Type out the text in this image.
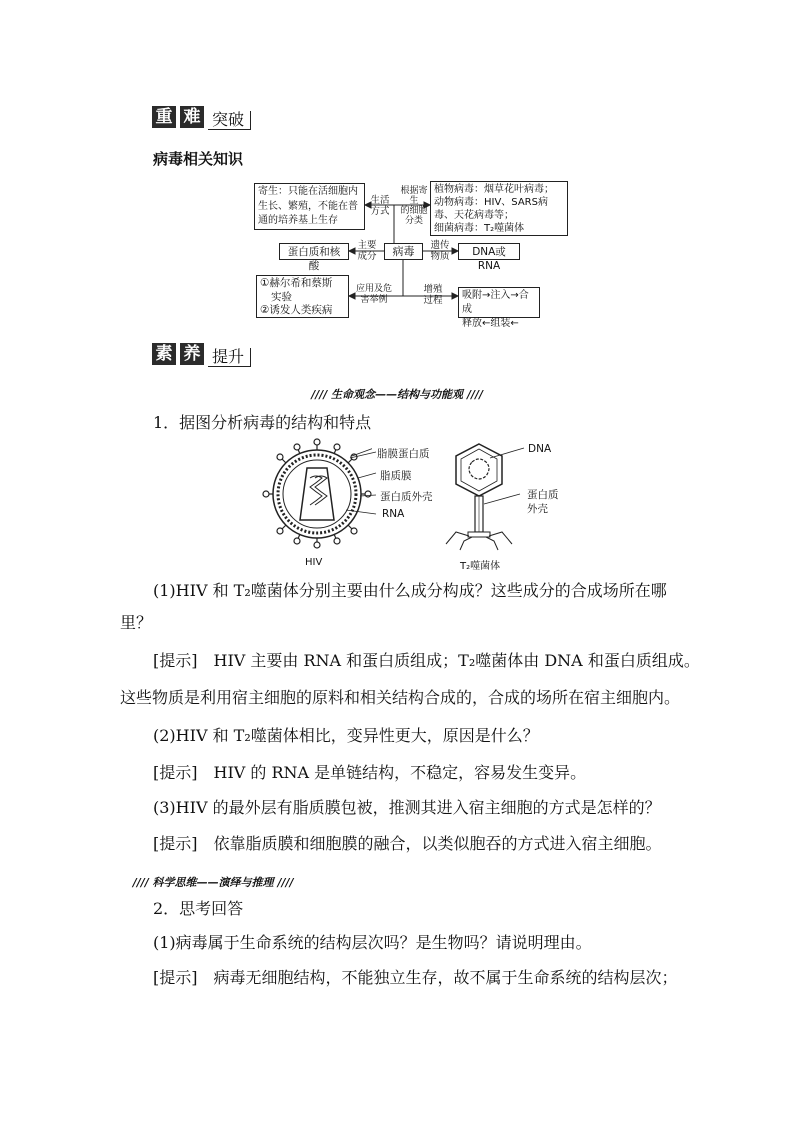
重 难 突破
病毒相关知识
寄生：只能在活细胞内生长、繁殖，不能在普通的培养基上生存
生活
方式
根据寄生
的细胞
分类
植物病毒：烟草花叶病毒；
动物病毒：HIV、SARS病
毒、天花病毒等；
细菌病毒：T₂噬菌体
蛋白质和核酸
主要
成分	病毒	遗传
物质	DNA或RNA
①赫尔希和蔡斯
实验
②诱发人类疾病
应用及危
害举例
增殖
过程	吸附→注入→合成
释放←组装←
素 养 提升
//// 生命观念——结构与功能观 ////
1．据图分析病毒的结构和特点
脂膜蛋白质
脂质膜
蛋白质外壳
RNA
HIV
DNA
蛋白质
外壳
T₂噬菌体
(1)HIV 和 T₂噬菌体分别主要由什么成分构成？这些成分的合成场所在哪
里？
[提示]　HIV 主要由 RNA 和蛋白质组成；T₂噬菌体由 DNA 和蛋白质组成。
这些物质是利用宿主细胞的原料和相关结构合成的，合成的场所在宿主细胞内。
(2)HIV 和 T₂噬菌体相比，变异性更大，原因是什么？
[提示]　HIV 的 RNA 是单链结构，不稳定，容易发生变异。
(3)HIV 的最外层有脂质膜包被，推测其进入宿主细胞的方式是怎样的？
[提示]　依靠脂质膜和细胞膜的融合，以类似胞吞的方式进入宿主细胞。
//// 科学思维——演绎与推理 ////
2．思考回答
(1)病毒属于生命系统的结构层次吗？是生物吗？请说明理由。
[提示]　病毒无细胞结构，不能独立生存，故不属于生命系统的结构层次；
